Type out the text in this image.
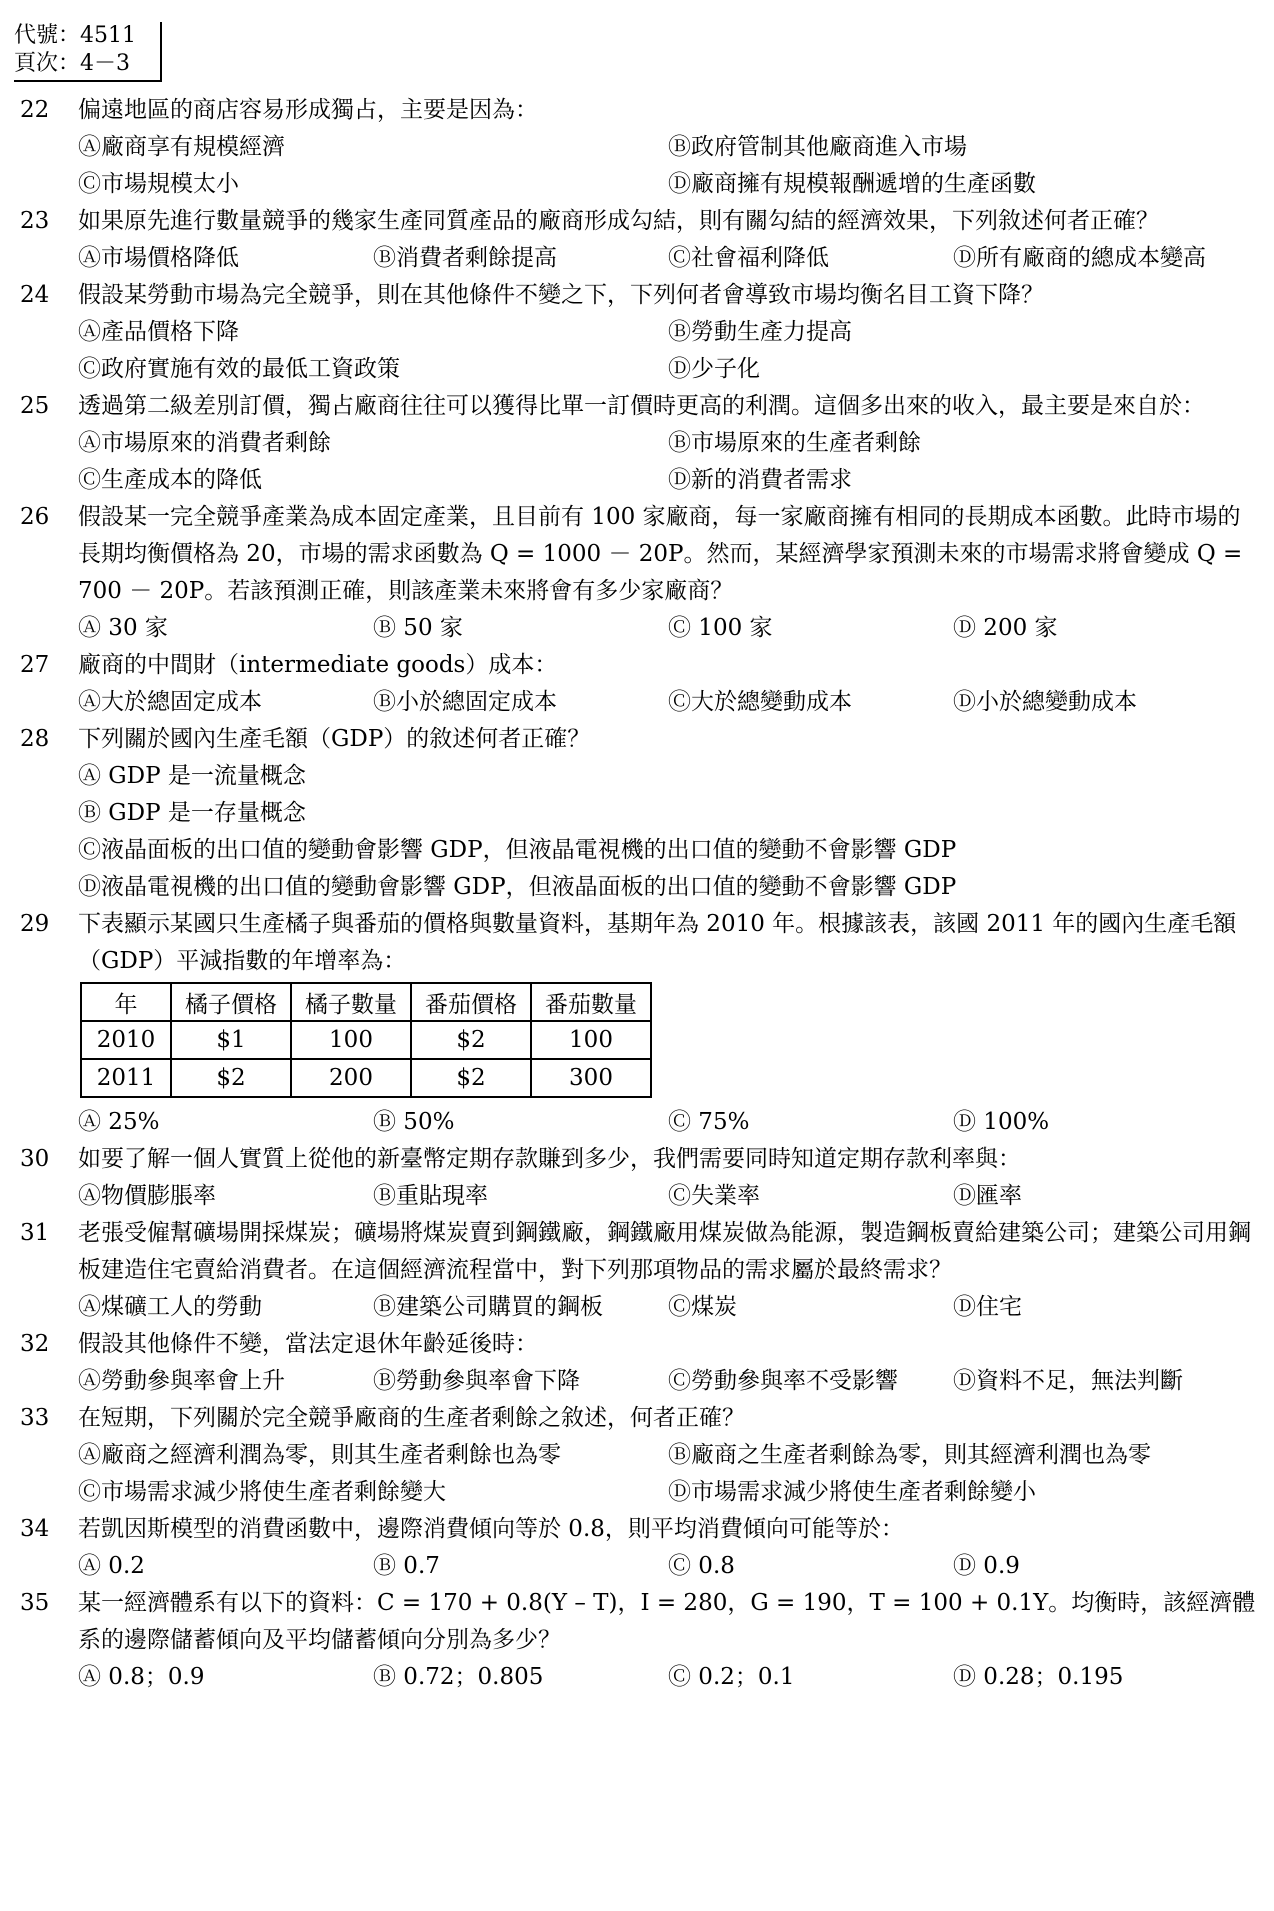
代號：4511
頁次：4－3
22	偏遠地區的商店容易形成獨占，主要是因為：
Ⓐ廠商享有規模經濟	Ⓑ政府管制其他廠商進入市場
Ⓒ市場規模太小	Ⓓ廠商擁有規模報酬遞增的生產函數
23	如果原先進行數量競爭的幾家生產同質產品的廠商形成勾結，則有關勾結的經濟效果，下列敘述何者正確？
Ⓐ市場價格降低	Ⓑ消費者剩餘提高	Ⓒ社會福利降低	Ⓓ所有廠商的總成本變高
24	假設某勞動市場為完全競爭，則在其他條件不變之下，下列何者會導致市場均衡名目工資下降？
Ⓐ產品價格下降	Ⓑ勞動生產力提高
Ⓒ政府實施有效的最低工資政策	Ⓓ少子化
25	透過第二級差別訂價，獨占廠商往往可以獲得比單一訂價時更高的利潤。這個多出來的收入，最主要是來自於：
Ⓐ市場原來的消費者剩餘	Ⓑ市場原來的生產者剩餘
Ⓒ生產成本的降低	Ⓓ新的消費者需求
26	假設某一完全競爭產業為成本固定產業，且目前有 100 家廠商，每一家廠商擁有相同的長期成本函數。此時市場的長期均衡價格為 20，市場的需求函數為 Q = 1000 － 20P。然而，某經濟學家預測未來的市場需求將會變成 Q = 700 － 20P。若該預測正確，則該產業未來將會有多少家廠商？
Ⓐ 30 家	Ⓑ 50 家	Ⓒ 100 家	Ⓓ 200 家
27	廠商的中間財（intermediate goods）成本：
Ⓐ大於總固定成本	Ⓑ小於總固定成本	Ⓒ大於總變動成本	Ⓓ小於總變動成本
28	下列關於國內生產毛額（GDP）的敘述何者正確？
Ⓐ GDP 是一流量概念
Ⓑ GDP 是一存量概念
Ⓒ液晶面板的出口值的變動會影響 GDP，但液晶電視機的出口值的變動不會影響 GDP
Ⓓ液晶電視機的出口值的變動會影響 GDP，但液晶面板的出口值的變動不會影響 GDP
29	下表顯示某國只生產橘子與番茄的價格與數量資料，基期年為 2010 年。根據該表，該國 2011 年的國內生產毛額（GDP）平減指數的年增率為：
年	橘子價格	橘子數量	番茄價格	番茄數量
2010	$1	100	$2	100
2011	$2	200	$2	300
Ⓐ 25%	Ⓑ 50%	Ⓒ 75%	Ⓓ 100%
30	如要了解一個人實質上從他的新臺幣定期存款賺到多少，我們需要同時知道定期存款利率與：
Ⓐ物價膨脹率	Ⓑ重貼現率	Ⓒ失業率	Ⓓ匯率
31	老張受僱幫礦場開採煤炭；礦場將煤炭賣到鋼鐵廠，鋼鐵廠用煤炭做為能源，製造鋼板賣給建築公司；建築公司用鋼板建造住宅賣給消費者。在這個經濟流程當中，對下列那項物品的需求屬於最終需求？
Ⓐ煤礦工人的勞動	Ⓑ建築公司購買的鋼板	Ⓒ煤炭	Ⓓ住宅
32	假設其他條件不變，當法定退休年齡延後時：
Ⓐ勞動參與率會上升	Ⓑ勞動參與率會下降	Ⓒ勞動參與率不受影響	Ⓓ資料不足，無法判斷
33	在短期，下列關於完全競爭廠商的生產者剩餘之敘述，何者正確？
Ⓐ廠商之經濟利潤為零，則其生產者剩餘也為零	Ⓑ廠商之生產者剩餘為零，則其經濟利潤也為零
Ⓒ市場需求減少將使生產者剩餘變大	Ⓓ市場需求減少將使生產者剩餘變小
34	若凱因斯模型的消費函數中，邊際消費傾向等於 0.8，則平均消費傾向可能等於：
Ⓐ 0.2	Ⓑ 0.7	Ⓒ 0.8	Ⓓ 0.9
35	某一經濟體系有以下的資料：C = 170 + 0.8(Y – T)，I = 280，G = 190，T = 100 + 0.1Y。均衡時，該經濟體系的邊際儲蓄傾向及平均儲蓄傾向分別為多少？
Ⓐ 0.8；0.9	Ⓑ 0.72；0.805	Ⓒ 0.2；0.1	Ⓓ 0.28；0.195
